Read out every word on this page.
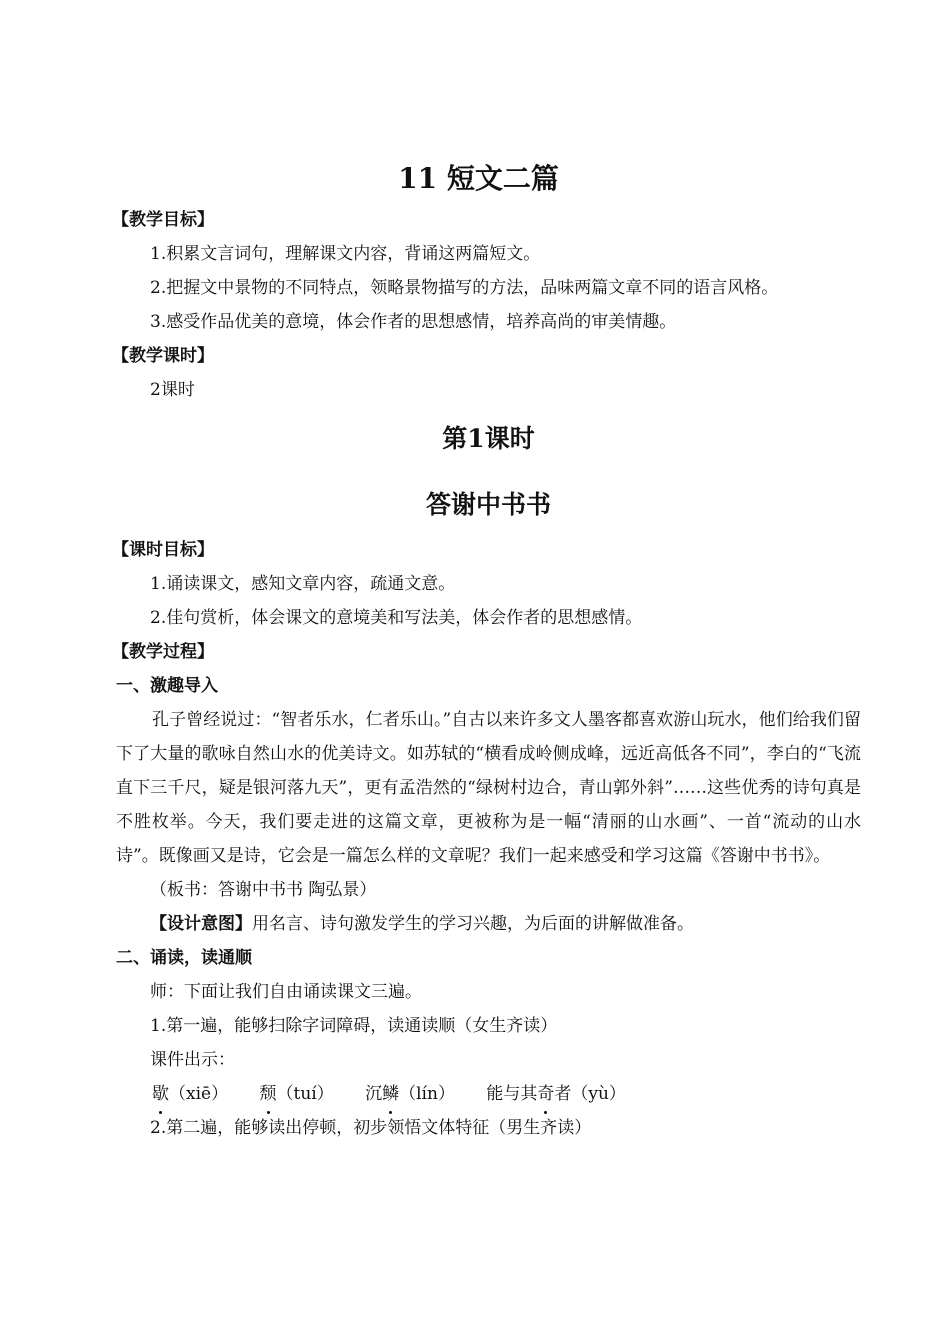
11 短文二篇
【教学目标】
1.积累文言词句，理解课文内容，背诵这两篇短文。
2.把握文中景物的不同特点，领略景物描写的方法，品味两篇文章不同的语言风格。
3.感受作品优美的意境，体会作者的思想感情，培养高尚的审美情趣。
【教学课时】
2课时
第1课时
答谢中书书
【课时目标】
1.诵读课文，感知文章内容，疏通文意。
2.佳句赏析，体会课文的意境美和写法美，体会作者的思想感情。
【教学过程】
一、激趣导入
孔子曾经说过：“智者乐水，仁者乐山。”自古以来许多文人墨客都喜欢游山玩水，他们给我们留下了大量的歌咏自然山水的优美诗文。如苏轼的“横看成岭侧成峰，远近高低各不同”，李白的“飞流直下三千尺，疑是银河落九天”，更有孟浩然的“绿树村边合，青山郭外斜”……这些优秀的诗句真是不胜枚举。今天，我们要走进的这篇文章，更被称为是一幅“清丽的山水画”、一首“流动的山水诗”。既像画又是诗，它会是一篇怎么样的文章呢？我们一起来感受和学习这篇《答谢中书书》。
（板书：答谢中书书 陶弘景）
【设计意图】用名言、诗句激发学生的学习兴趣，为后面的讲解做准备。
二、诵读，读通顺
师：下面让我们自由诵读课文三遍。
1.第一遍，能够扫除字词障碍，读通读顺（女生齐读）
课件出示：
歇（xiē） 颓（tuí） 沉鳞（lín） 能与其奇者（yù）
2.第二遍，能够读出停顿，初步领悟文体特征（男生齐读）
